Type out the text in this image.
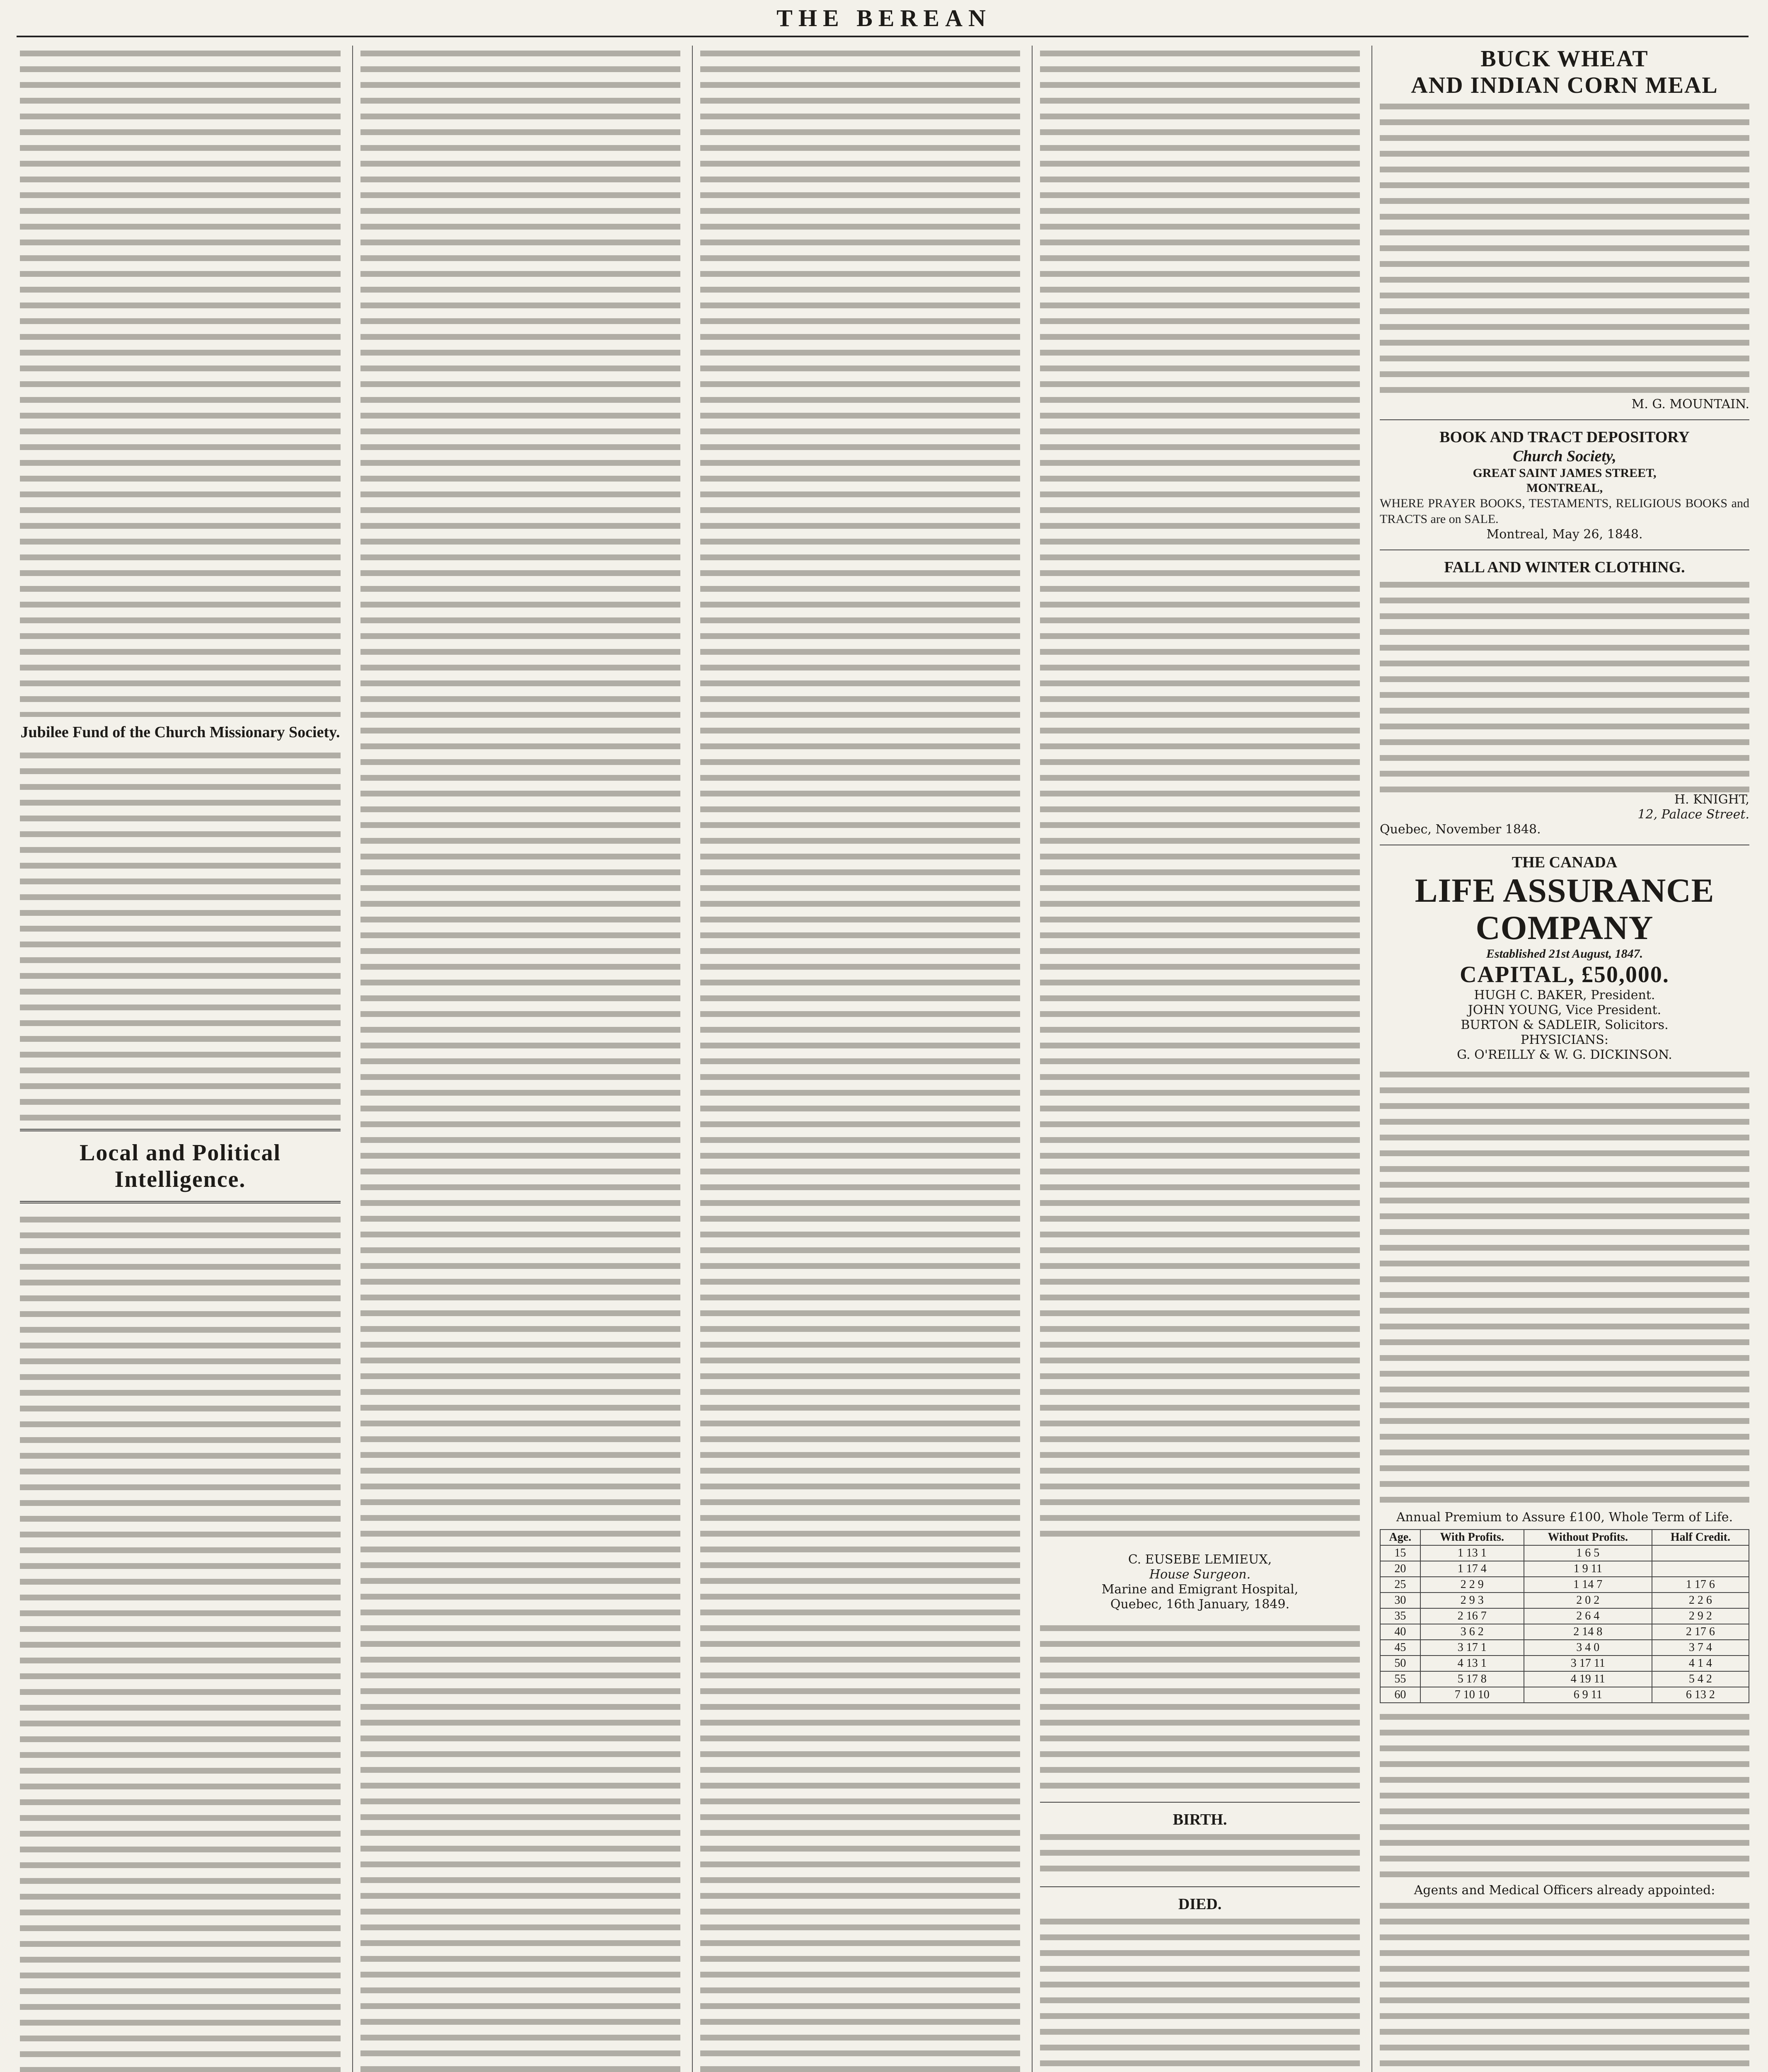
THE BEREAN
Jubilee Fund of the Church Missionary Society.
Local and Political Intelligence.
C. EUSEBE LEMIEUX,
House Surgeon.
Marine and Emigrant Hospital,
Quebec, 16th January, 1849.
BIRTH.
DIED.
BUCK WHEAT
AND INDIAN CORN MEAL
M. G. MOUNTAIN.
BOOK AND TRACT DEPOSITORY
Church Society,
GREAT SAINT JAMES STREET,
MONTREAL,
WHERE PRAYER BOOKS, TESTAMENTS, RELIGIOUS BOOKS and TRACTS are on SALE.
Montreal, May 26, 1848.
FALL AND WINTER CLOTHING.
H. KNIGHT,
12, Palace Street.
Quebec, November 1848.
THE CANADA
LIFE ASSURANCE COMPANY
Established 21st August, 1847.
CAPITAL, £50,000.
HUGH C. BAKER, President.
JOHN YOUNG, Vice President.
BURTON & SADLEIR, Solicitors.
PHYSICIANS:
G. O'REILLY & W. G. DICKINSON.
Annual Premium to Assure £100, Whole Term of Life.
Age.	With Profits.	Without Profits.	Half Credit.
15	1 13 1	1 6 5	
20	1 17 4	1 9 11	
25	2 2 9	1 14 7	1 17 6
30	2 9 3	2 0 2	2 2 6
35	2 16 7	2 6 4	2 9 2
40	3 6 2	2 14 8	2 17 6
45	3 17 1	3 4 0	3 7 4
50	4 13 1	3 17 11	4 1 4
55	5 17 8	4 19 11	5 4 2
60	7 10 10	6 9 11	6 13 2
Agents and Medical Officers already appointed:
